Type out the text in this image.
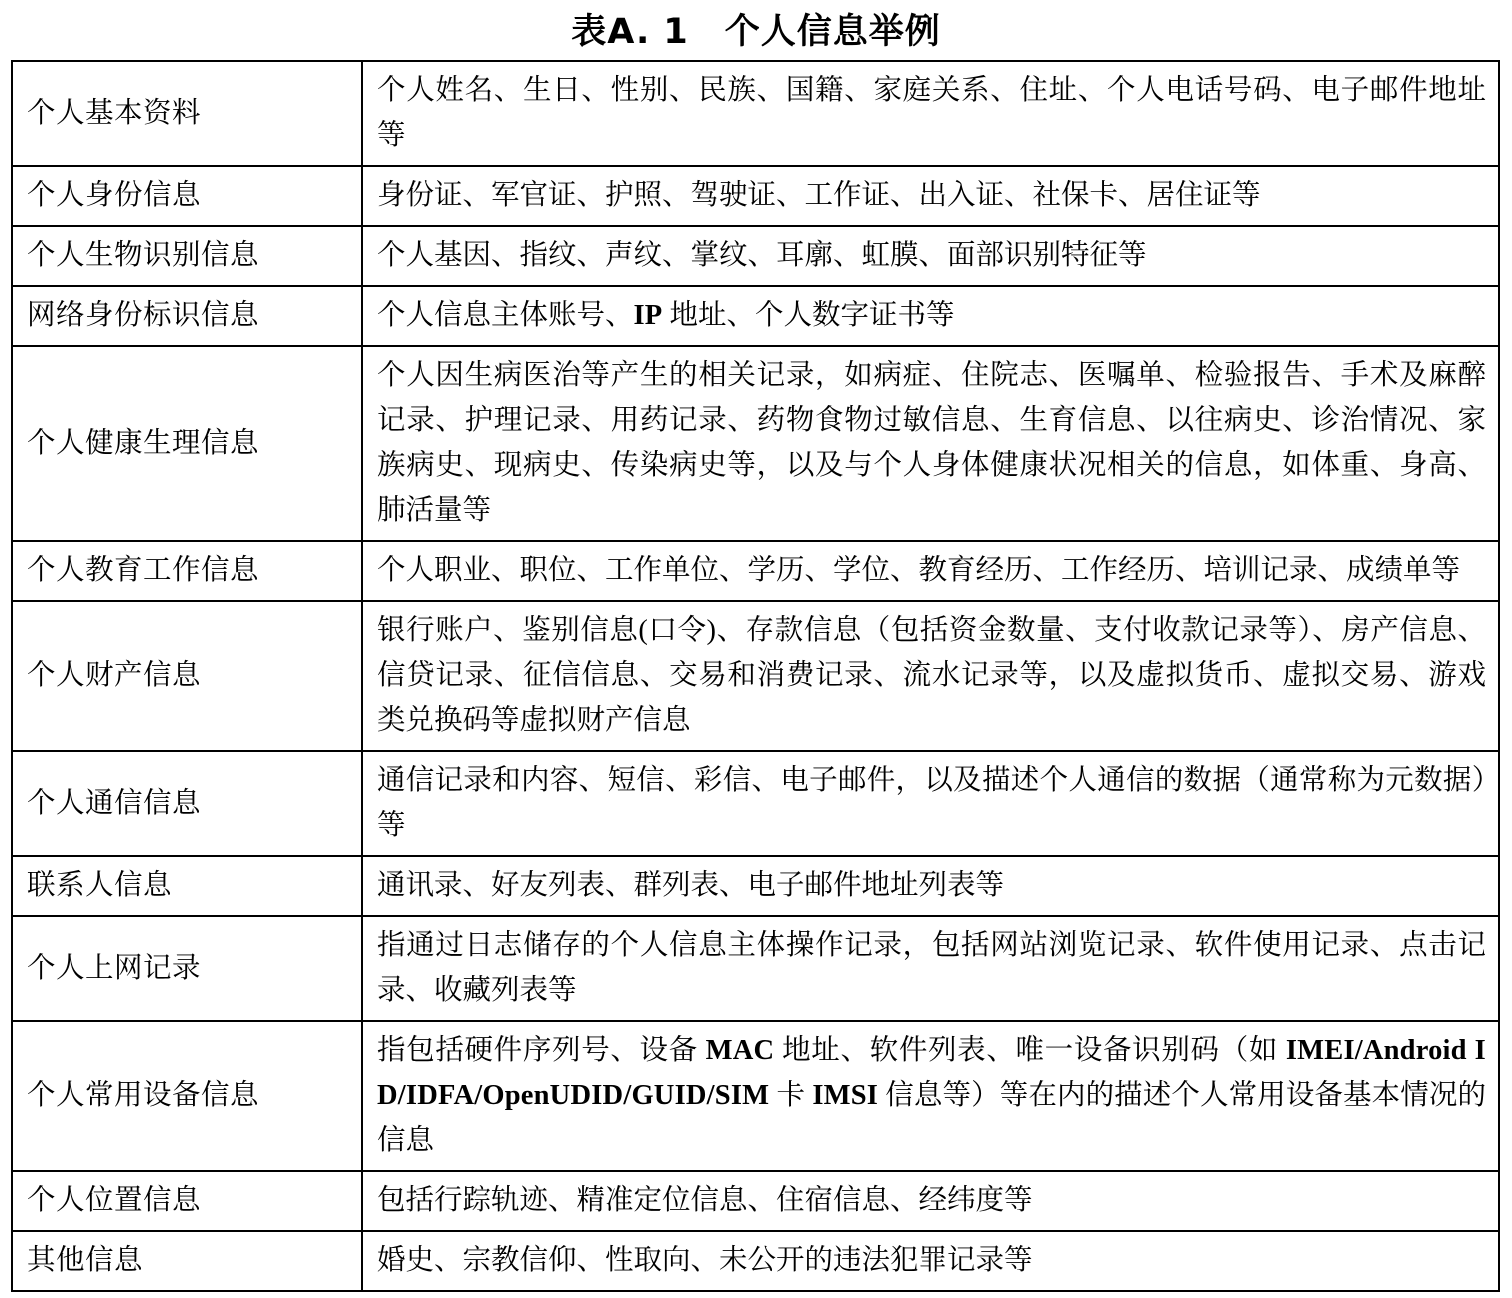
表A. 1　个人信息举例
个人基本资料	个人姓名、生日、性别、民族、国籍、家庭关系、住址、个人电话号码、电子邮件地址等
个人身份信息	身份证、军官证、护照、驾驶证、工作证、出入证、社保卡、居住证等
个人生物识别信息	个人基因、指纹、声纹、掌纹、耳廓、虹膜、面部识别特征等
网络身份标识信息	个人信息主体账号、IP 地址、个人数字证书等
个人健康生理信息	个人因生病医治等产生的相关记录，如病症、住院志、医嘱单、检验报告、手术及麻醉记录、护理记录、用药记录、药物食物过敏信息、生育信息、以往病史、诊治情况、家族病史、现病史、传染病史等，以及与个人身体健康状况相关的信息，如体重、身高、肺活量等
个人教育工作信息	个人职业、职位、工作单位、学历、学位、教育经历、工作经历、培训记录、成绩单等
个人财产信息	银行账户、鉴别信息(口令)、存款信息（包括资金数量、支付收款记录等）、房产信息、信贷记录、征信信息、交易和消费记录、流水记录等，以及虚拟货币、虚拟交易、游戏类兑换码等虚拟财产信息
个人通信信息	通信记录和内容、短信、彩信、电子邮件，以及描述个人通信的数据（通常称为元数据）等
联系人信息	通讯录、好友列表、群列表、电子邮件地址列表等
个人上网记录	指通过日志储存的个人信息主体操作记录，包括网站浏览记录、软件使用记录、点击记录、收藏列表等
个人常用设备信息	指包括硬件序列号、设备 MAC 地址、软件列表、唯一设备识别码（如 IMEI/Android ID/IDFA/OpenUDID/GUID/SIM 卡 IMSI 信息等）等在内的描述个人常用设备基本情况的信息
个人位置信息	包括行踪轨迹、精准定位信息、住宿信息、经纬度等
其他信息	婚史、宗教信仰、性取向、未公开的违法犯罪记录等
